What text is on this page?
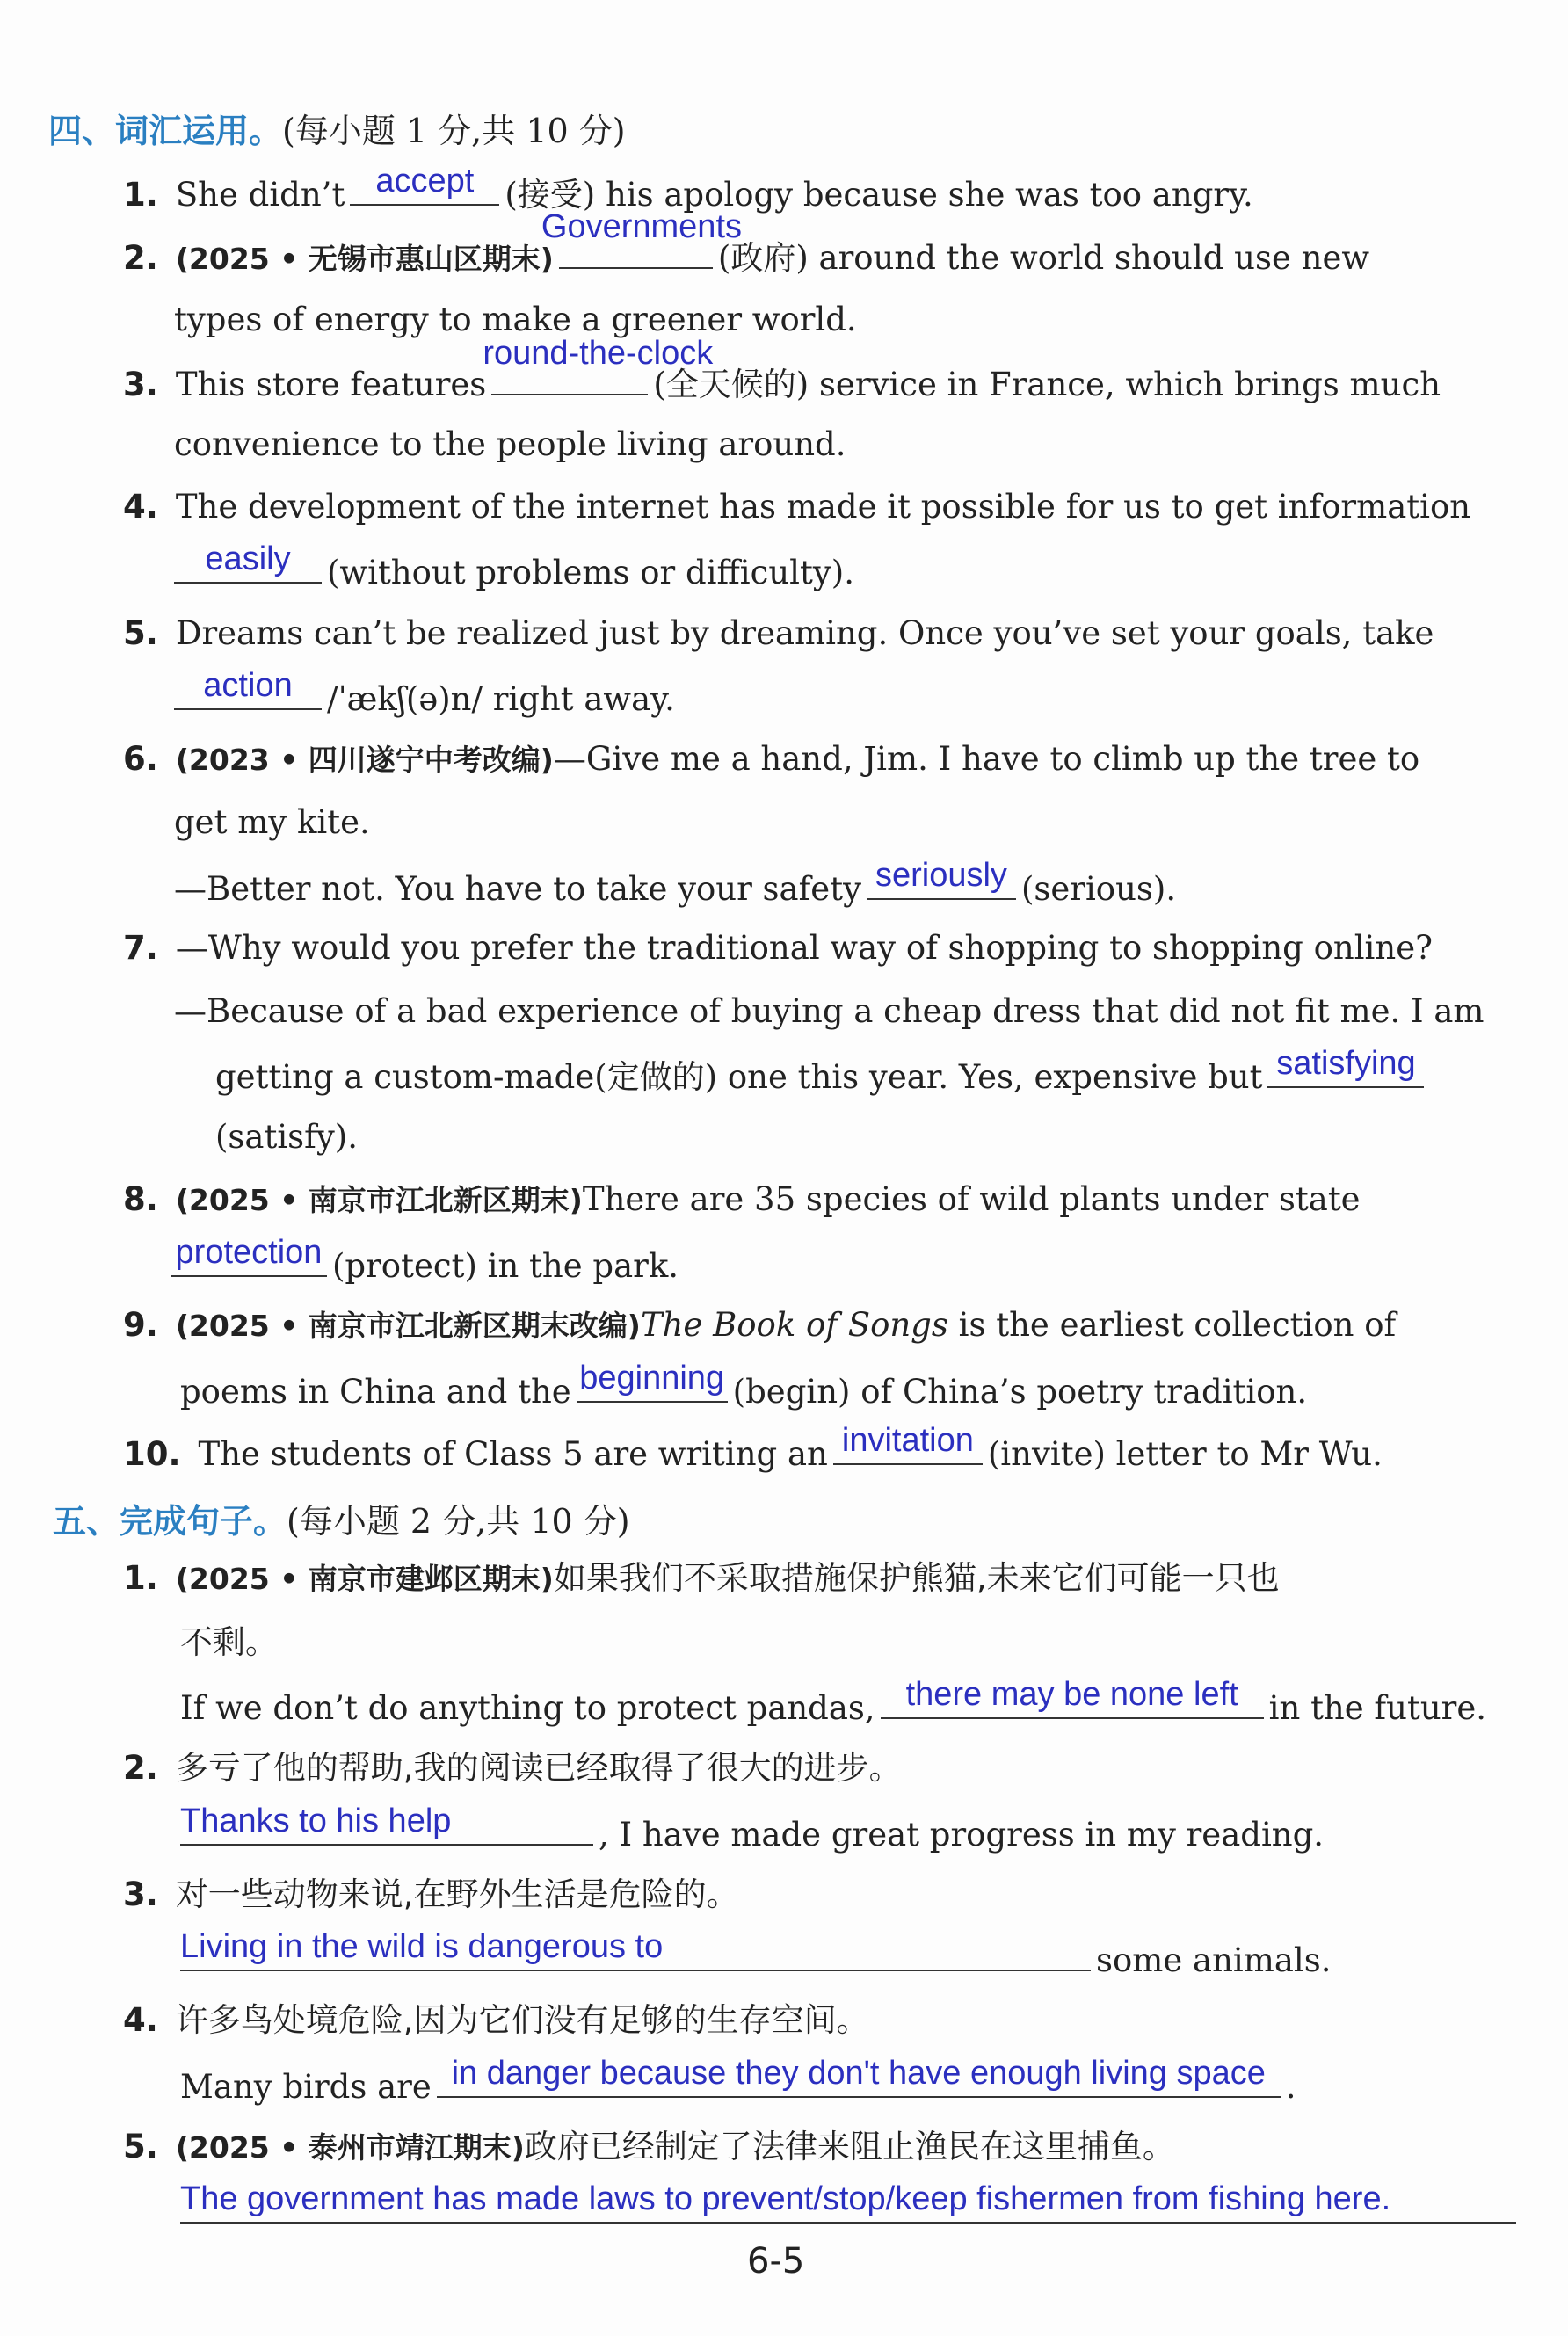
四、词汇运用。(每小题 1 分,共 10 分)
1. She didn’t accept (接受) his apology because she was too angry.
2. (2025 • 无锡市惠山区期末)
Governments
(政府) around the world should use new
types of energy to make a greener world.
3. This store features
round-the-clock
(全天候的) service in France, which brings much
convenience to the people living around.
4. The development of the internet has made it possible for us to get information
easily	(without problems or difficulty).
5. Dreams can’t be realized just by dreaming. Once you’ve set your goals, take
action	/ˈækʃ(ə)n/ right away.
6. (2023 • 四川遂宁中考改编)—Give me a hand, Jim. I have to climb up the tree to
get my kite.
—Better not. You have to take your safety seriously (serious).
7. —Why would you prefer the traditional way of shopping to shopping online?
—Because of a bad experience of buying a cheap dress that did not fit me. I am
getting a custom-made(定做的) one this year. Yes, expensive but satisfying
(satisfy).
8. (2025 • 南京市江北新区期末)There are 35 species of wild plants under state
protection (protect) in the park.
9. (2025 • 南京市江北新区期末改编)The Book of Songs is the earliest collection of
poems in China and the beginning (begin) of China’s poetry tradition.
10. The students of Class 5 are writing an invitation (invite) letter to Mr Wu.
五、完成句子。(每小题 2 分,共 10 分)
1. (2025 • 南京市建邺区期末)如果我们不采取措施保护熊猫,未来它们可能一只也
不剩。
If we don’t do anything to protect pandas, there may be none left in the future.
2. 多亏了他的帮助,我的阅读已经取得了很大的进步。
Thanks to his help	, I have made great progress in my reading.
3. 对一些动物来说,在野外生活是危险的。
Living in the wild is dangerous to	some animals.
4. 许多鸟处境危险,因为它们没有足够的生存空间。
Many birds are in danger because they don't have enough living space .
5. (2025 • 泰州市靖江期末)政府已经制定了法律来阻止渔民在这里捕鱼。
The government has made laws to prevent/stop/keep fishermen from fishing here.
6-5
